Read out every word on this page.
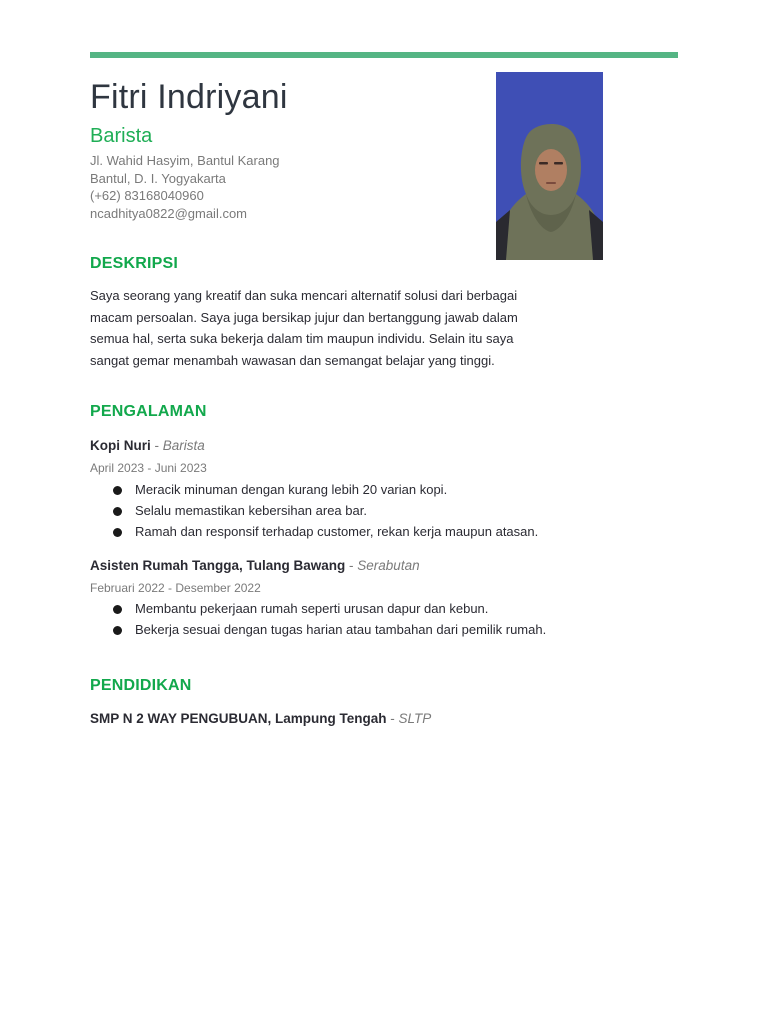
Fitri Indriyani
Barista
Jl. Wahid Hasyim, Bantul Karang
Bantul, D. I. Yogyakarta
(+62) 83168040960
ncadhitya0822@gmail.com
DESKRIPSI
Saya seorang yang kreatif dan suka mencari alternatif solusi dari berbagai macam persoalan. Saya juga bersikap jujur dan bertanggung jawab dalam semua hal, serta suka bekerja dalam tim maupun individu. Selain itu saya sangat gemar menambah wawasan dan semangat belajar yang tinggi.
PENGALAMAN
Kopi Nuri - Barista
April 2023 - Juni 2023
Meracik minuman dengan kurang lebih 20 varian kopi.
Selalu memastikan kebersihan area bar.
Ramah dan responsif terhadap customer, rekan kerja maupun atasan.
Asisten Rumah Tangga, Tulang Bawang - Serabutan
Februari 2022 - Desember 2022
Membantu pekerjaan rumah seperti urusan dapur dan kebun.
Bekerja sesuai dengan tugas harian atau tambahan dari pemilik rumah.
PENDIDIKAN
SMP N 2 WAY PENGUBUAN, Lampung Tengah - SLTP
